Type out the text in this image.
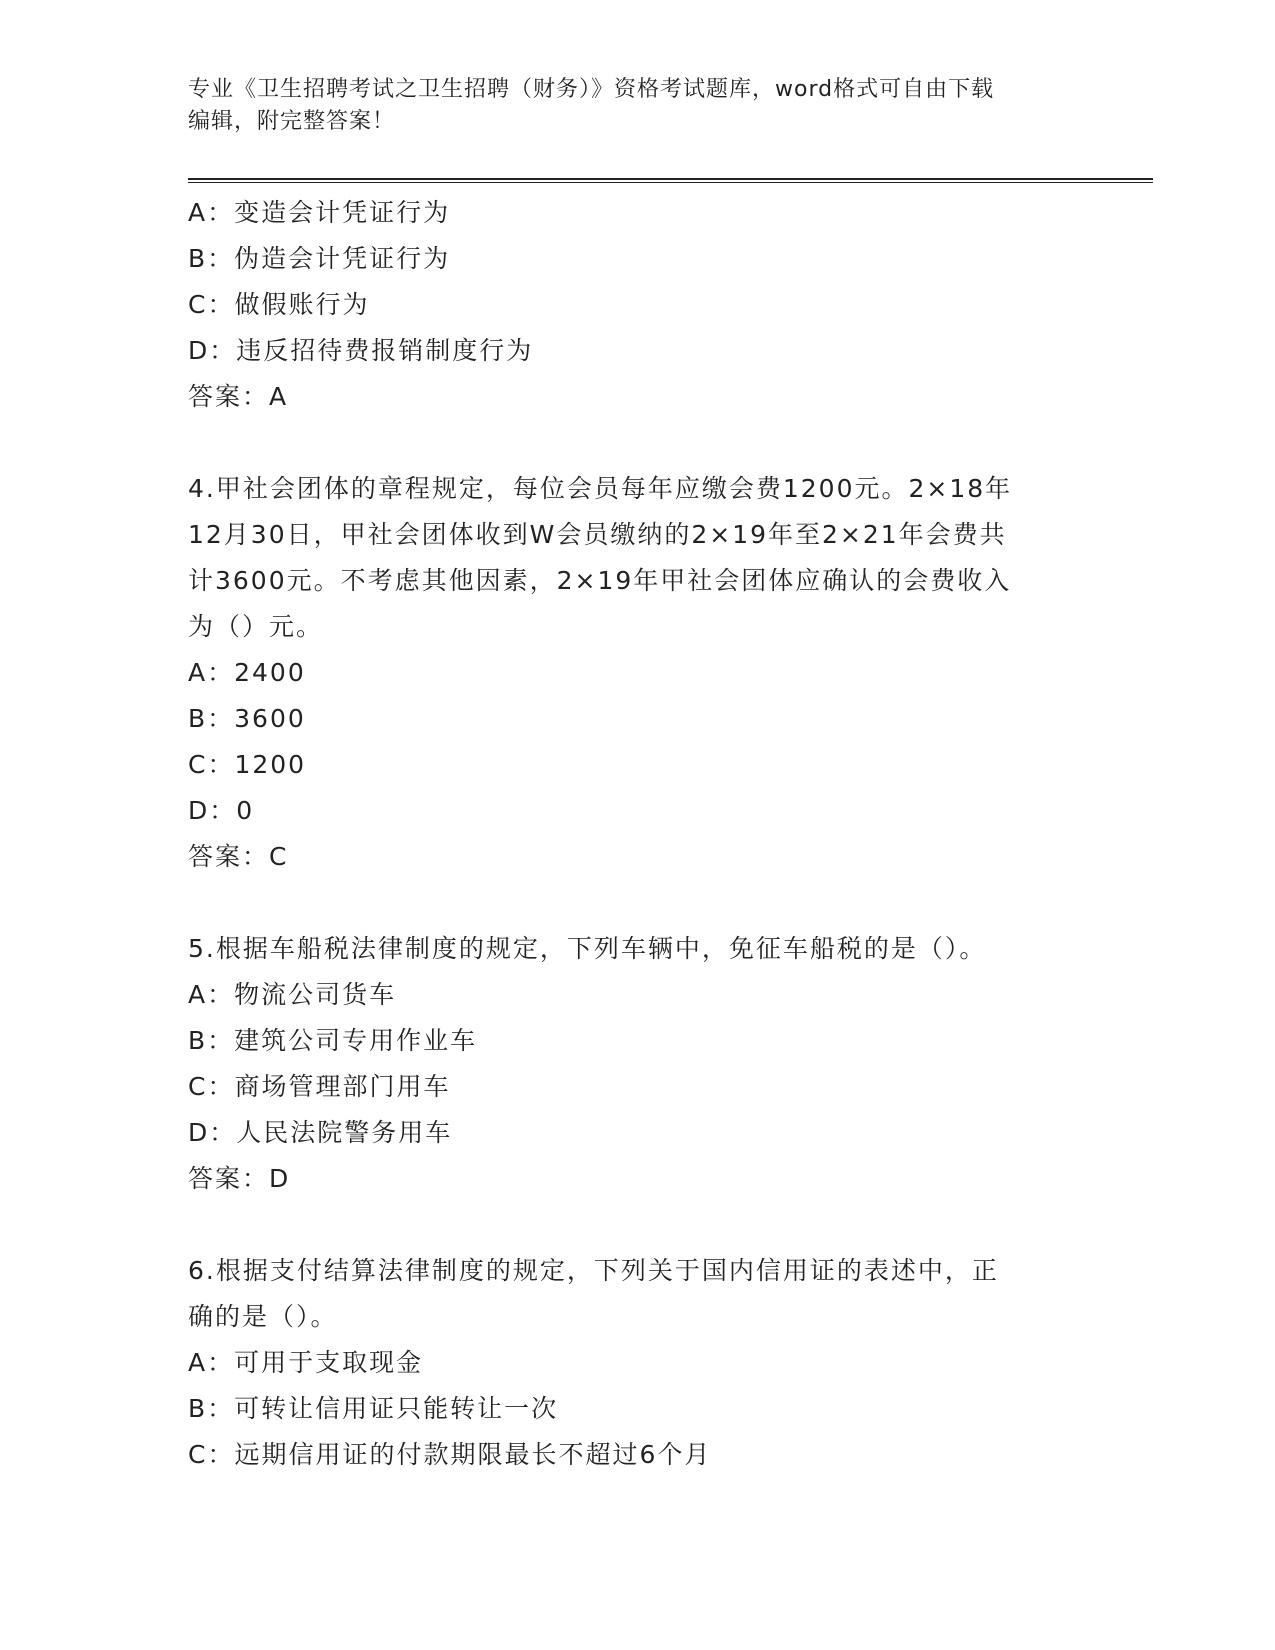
专业《卫生招聘考试之卫生招聘（财务）》资格考试题库，word格式可自由下载
编辑，附完整答案！
A：变造会计凭证行为
B：伪造会计凭证行为
C：做假账行为
D：违反招待费报销制度行为
答案：A
4.甲社会团体的章程规定，每位会员每年应缴会费1200元。2×18年
12月30日，甲社会团体收到W会员缴纳的2×19年至2×21年会费共
计3600元。不考虑其他因素，2×19年甲社会团体应确认的会费收入
为（）元。
A：2400
B：3600
C：1200
D：0
答案：C
5.根据车船税法律制度的规定，下列车辆中，免征车船税的是（）。
A：物流公司货车
B：建筑公司专用作业车
C：商场管理部门用车
D：人民法院警务用车
答案：D
6.根据支付结算法律制度的规定，下列关于国内信用证的表述中，正
确的是（）。
A：可用于支取现金
B：可转让信用证只能转让一次
C：远期信用证的付款期限最长不超过6个月
